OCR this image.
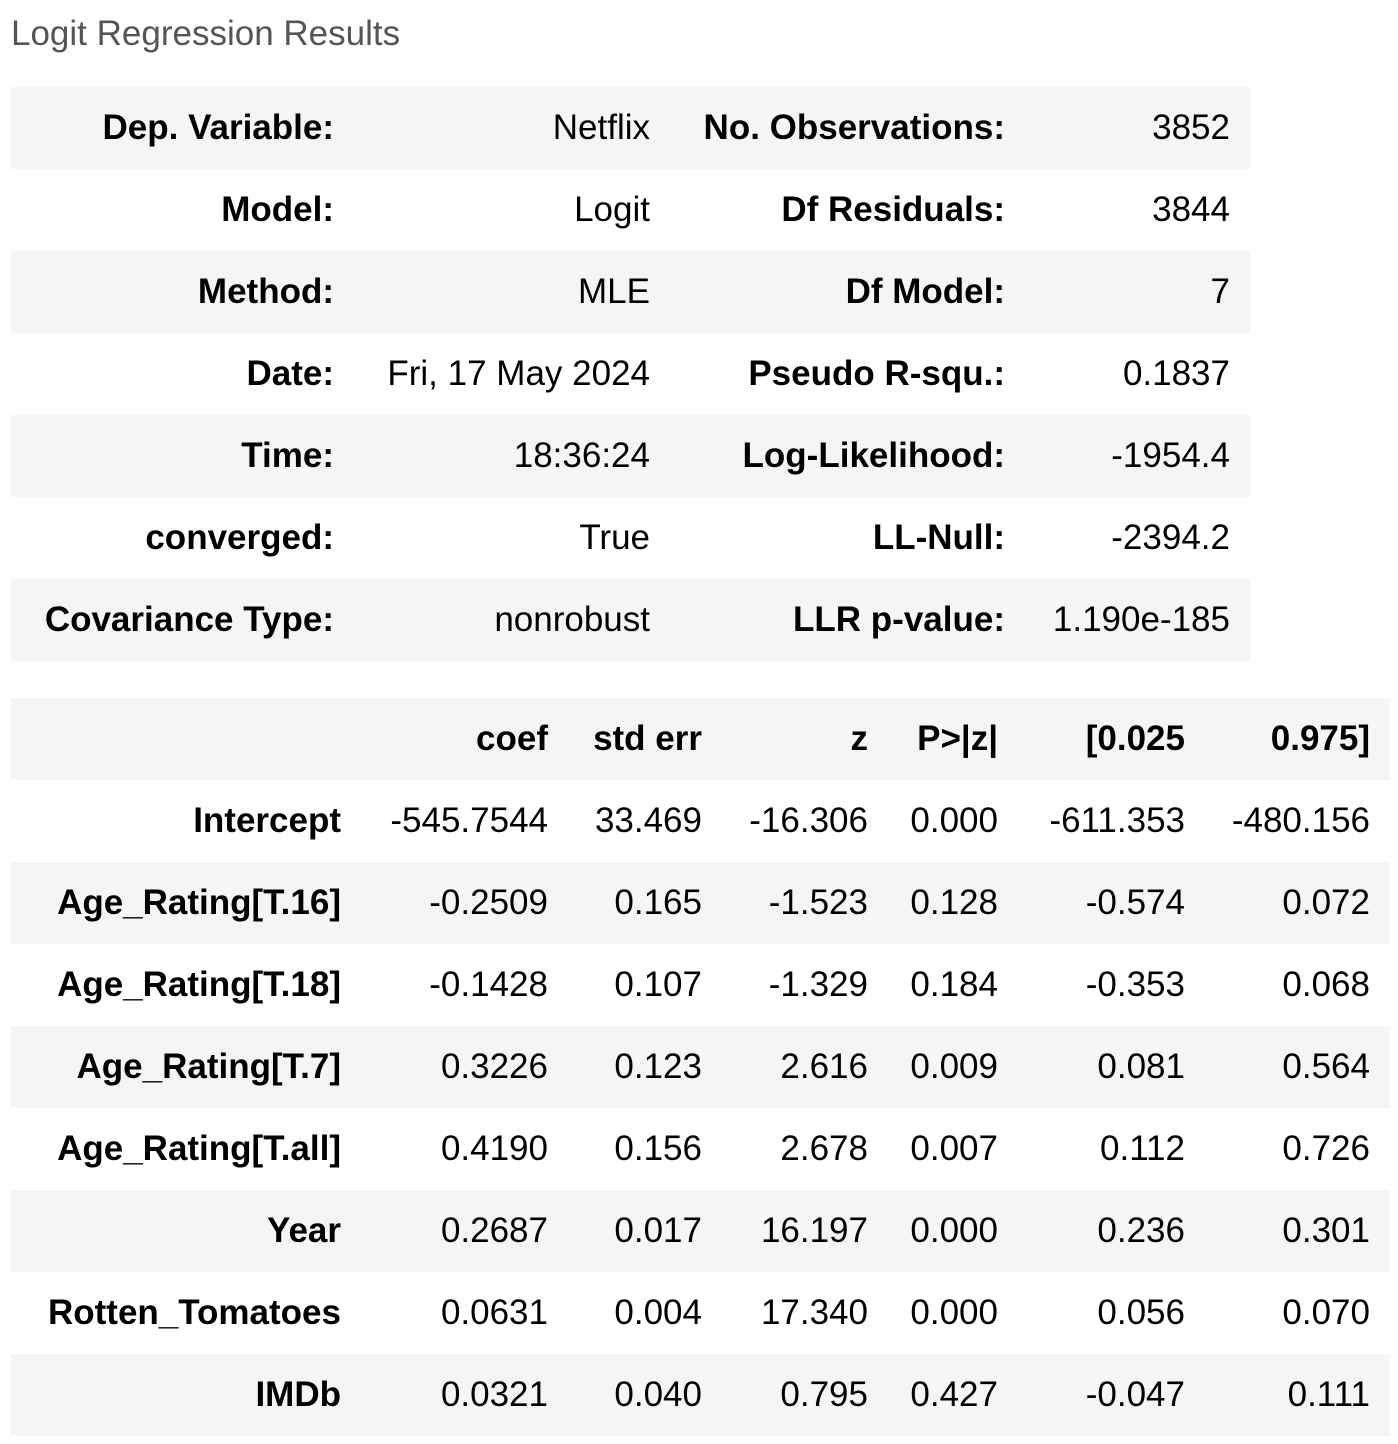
Logit Regression Results
Dep. Variable:	Netflix	No. Observations:	3852
Model:	Logit	Df Residuals:	3844
Method:	MLE	Df Model:	7
Date:	Fri, 17 May 2024	Pseudo R-squ.:	0.1837
Time:	18:36:24	Log-Likelihood:	-1954.4
converged:	True	LL-Null:	-2394.2
Covariance Type:	nonrobust	LLR p-value:	1.190e-185
	coef	std err	z	P>|z|	[0.025	0.975]
Intercept	-545.7544	33.469	-16.306	0.000	-611.353	-480.156
Age_Rating[T.16]	-0.2509	0.165	-1.523	0.128	-0.574	0.072
Age_Rating[T.18]	-0.1428	0.107	-1.329	0.184	-0.353	0.068
Age_Rating[T.7]	0.3226	0.123	2.616	0.009	0.081	0.564
Age_Rating[T.all]	0.4190	0.156	2.678	0.007	0.112	0.726
Year	0.2687	0.017	16.197	0.000	0.236	0.301
Rotten_Tomatoes	0.0631	0.004	17.340	0.000	0.056	0.070
IMDb	0.0321	0.040	0.795	0.427	-0.047	0.111
